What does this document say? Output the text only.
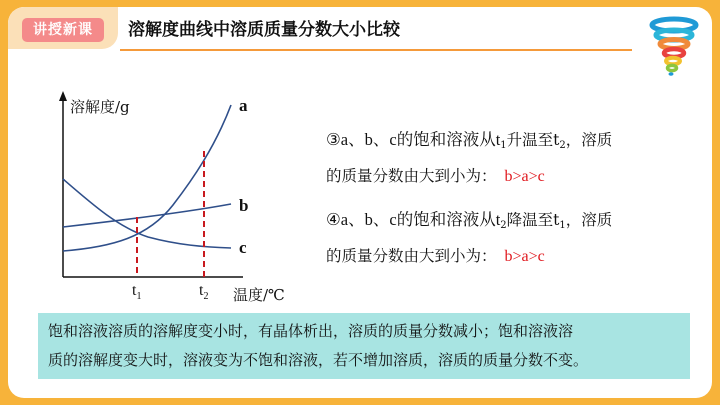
讲授新课	溶解度曲线中溶质质量分数大小比较
溶解度/g
温度/℃
a
b
c
$t_1$	$t_2$
③a、b、c的饱和溶液从$t_1$升温至$t_2$，溶质
的质量分数由大到小为： b>a>c
④a、b、c的饱和溶液从$t_2$降温至$t_1$，溶质
的质量分数由大到小为： b>a>c
饱和溶液溶质的溶解度变小时，有晶体析出，溶质的质量分数减小；饱和溶液溶
质的溶解度变大时，溶液变为不饱和溶液，若不增加溶质，溶质的质量分数不变。
